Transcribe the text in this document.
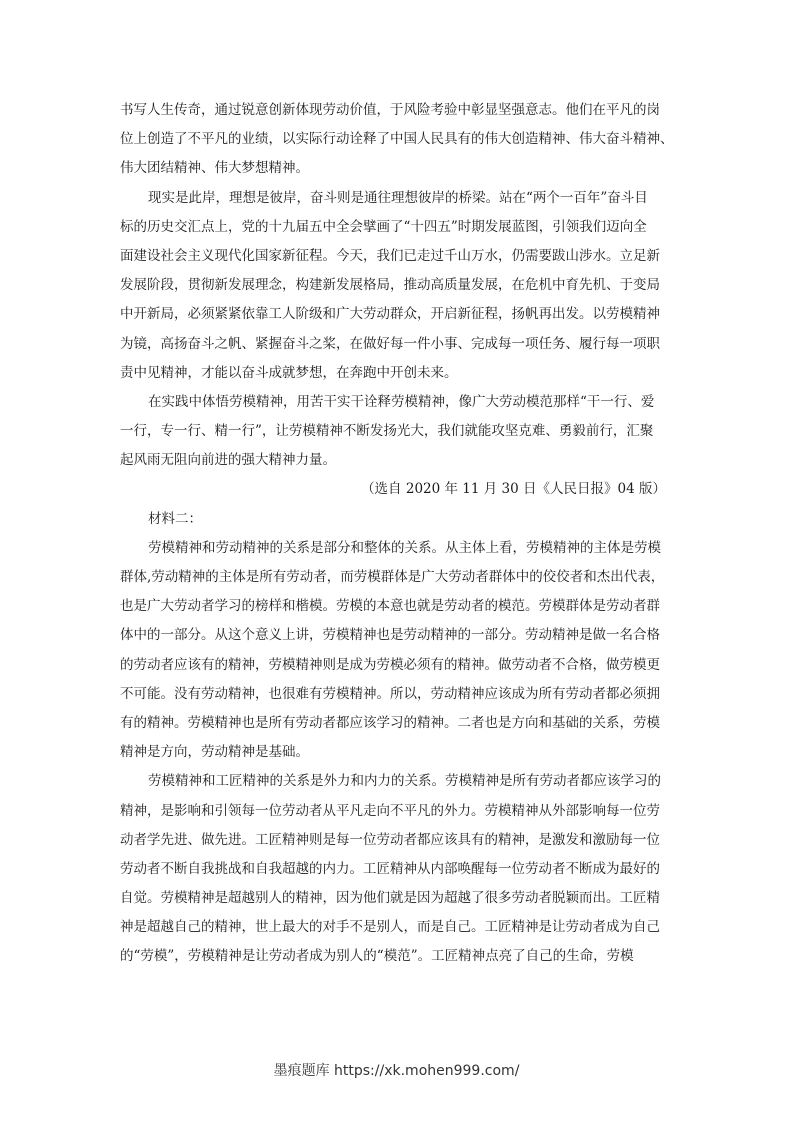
书写人生传奇，通过锐意创新体现劳动价值，于风险考验中彰显坚强意志。他们在平凡的岗
位上创造了不平凡的业绩，以实际行动诠释了中国人民具有的伟大创造精神、伟大奋斗精神、
伟大团结精神、伟大梦想精神。
现实是此岸，理想是彼岸，奋斗则是通往理想彼岸的桥梁。站在“两个一百年”奋斗目
标的历史交汇点上，党的十九届五中全会擘画了“十四五”时期发展蓝图，引领我们迈向全
面建设社会主义现代化国家新征程。今天，我们已走过千山万水，仍需要跋山涉水。立足新
发展阶段，贯彻新发展理念，构建新发展格局，推动高质量发展，在危机中育先机、于变局
中开新局，必须紧紧依靠工人阶级和广大劳动群众，开启新征程，扬帆再出发。以劳模精神
为镜，高扬奋斗之帆、紧握奋斗之桨，在做好每一件小事、完成每一项任务、履行每一项职
责中见精神，才能以奋斗成就梦想，在奔跑中开创未来。
在实践中体悟劳模精神，用苦干实干诠释劳模精神，像广大劳动模范那样“干一行、爱
一行，专一行、精一行”，让劳模精神不断发扬光大，我们就能攻坚克难、勇毅前行，汇聚
起风雨无阻向前进的强大精神力量。
（选自 2020 年 11 月 30 日《人民日报》04 版）
材料二：
劳模精神和劳动精神的关系是部分和整体的关系。从主体上看，劳模精神的主体是劳模
群体,劳动精神的主体是所有劳动者，而劳模群体是广大劳动者群体中的佼佼者和杰出代表，
也是广大劳动者学习的榜样和楷模。劳模的本意也就是劳动者的模范。劳模群体是劳动者群
体中的一部分。从这个意义上讲，劳模精神也是劳动精神的一部分。劳动精神是做一名合格
的劳动者应该有的精神，劳模精神则是成为劳模必须有的精神。做劳动者不合格，做劳模更
不可能。没有劳动精神，也很难有劳模精神。所以，劳动精神应该成为所有劳动者都必须拥
有的精神。劳模精神也是所有劳动者都应该学习的精神。二者也是方向和基础的关系，劳模
精神是方向，劳动精神是基础。
劳模精神和工匠精神的关系是外力和内力的关系。劳模精神是所有劳动者都应该学习的
精神，是影响和引领每一位劳动者从平凡走向不平凡的外力。劳模精神从外部影响每一位劳
动者学先进、做先进。工匠精神则是每一位劳动者都应该具有的精神，是激发和激励每一位
劳动者不断自我挑战和自我超越的内力。工匠精神从内部唤醒每一位劳动者不断成为最好的
自觉。劳模精神是超越别人的精神，因为他们就是因为超越了很多劳动者脱颖而出。工匠精
神是超越自己的精神，世上最大的对手不是别人，而是自己。工匠精神是让劳动者成为自己
的“劳模”，劳模精神是让劳动者成为别人的“模范”。工匠精神点亮了自己的生命，劳模
墨痕题库 https://xk.mohen999.com/
